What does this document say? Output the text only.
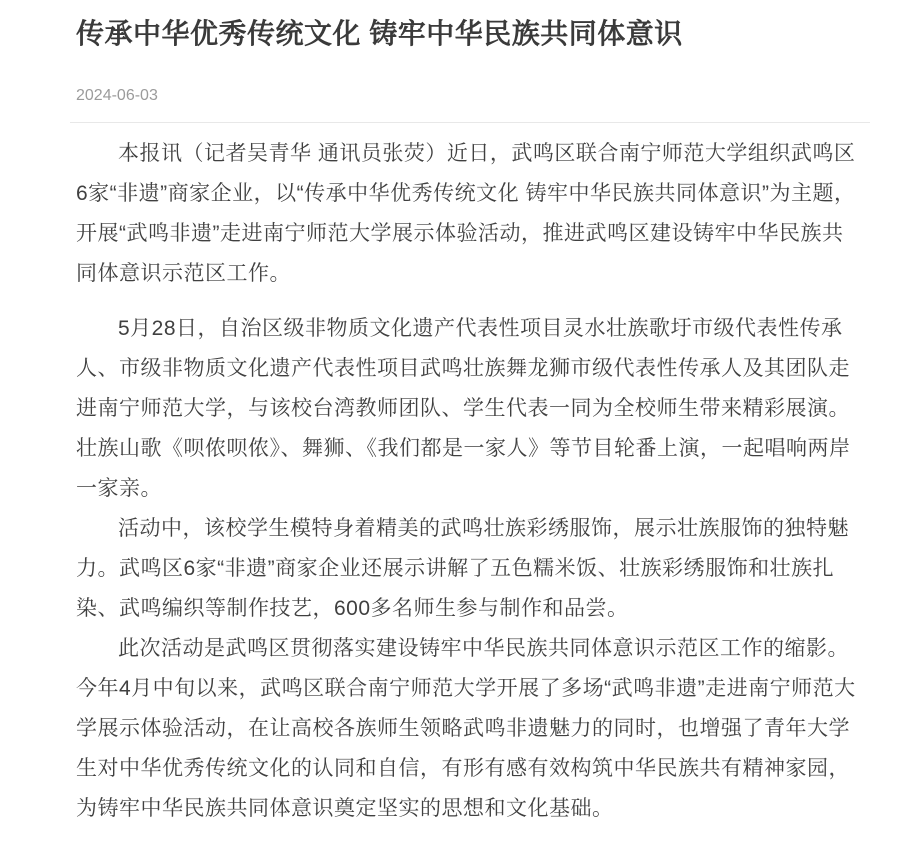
传承中华优秀传统文化 铸牢中华民族共同体意识
2024-06-03

本报讯（记者吴青华 通讯员张荧）近日，武鸣区联合南宁师范大学组织武鸣区6家“非遗”商家企业，以“传承中华优秀传统文化 铸牢中华民族共同体意识”为主题，开展“武鸣非遗”走进南宁师范大学展示体验活动，推进武鸣区建设铸牢中华民族共同体意识示范区工作。

5月28日，自治区级非物质文化遗产代表性项目灵水壮族歌圩市级代表性传承人、市级非物质文化遗产代表性项目武鸣壮族舞龙狮市级代表性传承人及其团队走进南宁师范大学，与该校台湾教师团队、学生代表一同为全校师生带来精彩展演。壮族山歌《呗侬呗侬》、舞狮、《我们都是一家人》等节目轮番上演，一起唱响两岸一家亲。

活动中，该校学生模特身着精美的武鸣壮族彩绣服饰，展示壮族服饰的独特魅力。武鸣区6家“非遗”商家企业还展示讲解了五色糯米饭、壮族彩绣服饰和壮族扎染、武鸣编织等制作技艺，600多名师生参与制作和品尝。

此次活动是武鸣区贯彻落实建设铸牢中华民族共同体意识示范区工作的缩影。今年4月中旬以来，武鸣区联合南宁师范大学开展了多场“武鸣非遗”走进南宁师范大学展示体验活动，在让高校各族师生领略武鸣非遗魅力的同时，也增强了青年大学生对中华优秀传统文化的认同和自信，有形有感有效构筑中华民族共有精神家园，为铸牢中华民族共同体意识奠定坚实的思想和文化基础。
